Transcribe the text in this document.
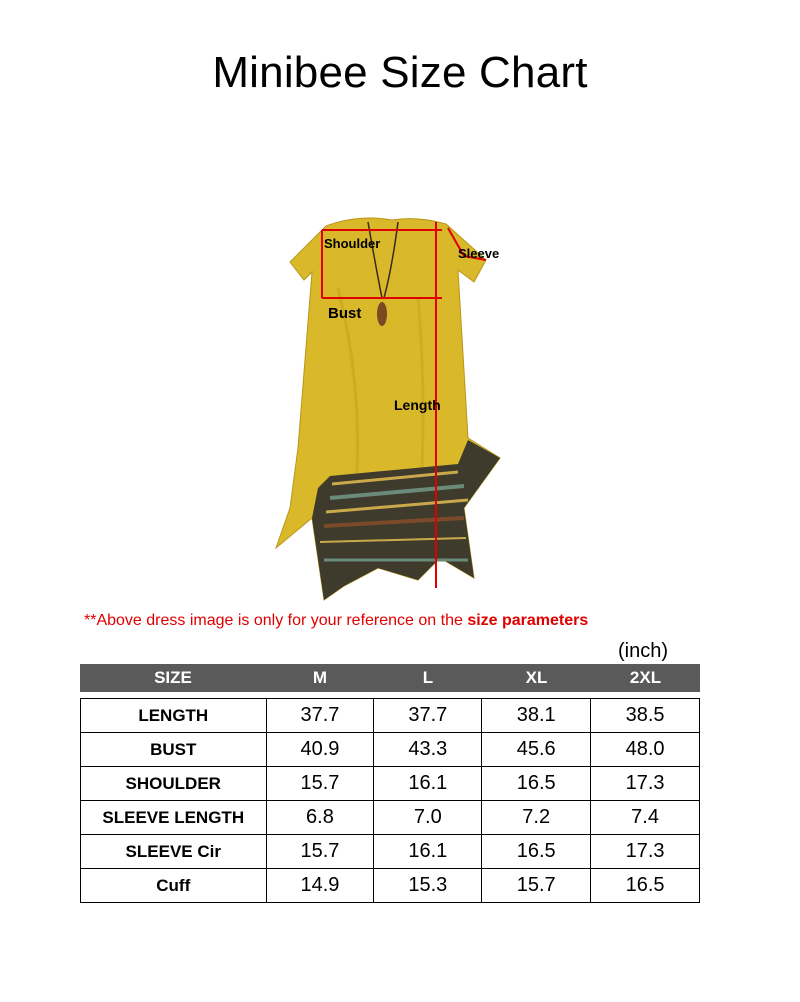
Minibee Size Chart
Shoulder
Sleeve
Bust
Length
**Above dress image is only for your reference on the size parameters
(inch)
SIZE	M	L	XL	2XL
LENGTH	37.7	37.7	38.1	38.5
BUST	40.9	43.3	45.6	48.0
SHOULDER	15.7	16.1	16.5	17.3
SLEEVE LENGTH	6.8	7.0	7.2	7.4
SLEEVE Cir	15.7	16.1	16.5	17.3
Cuff	14.9	15.3	15.7	16.5
